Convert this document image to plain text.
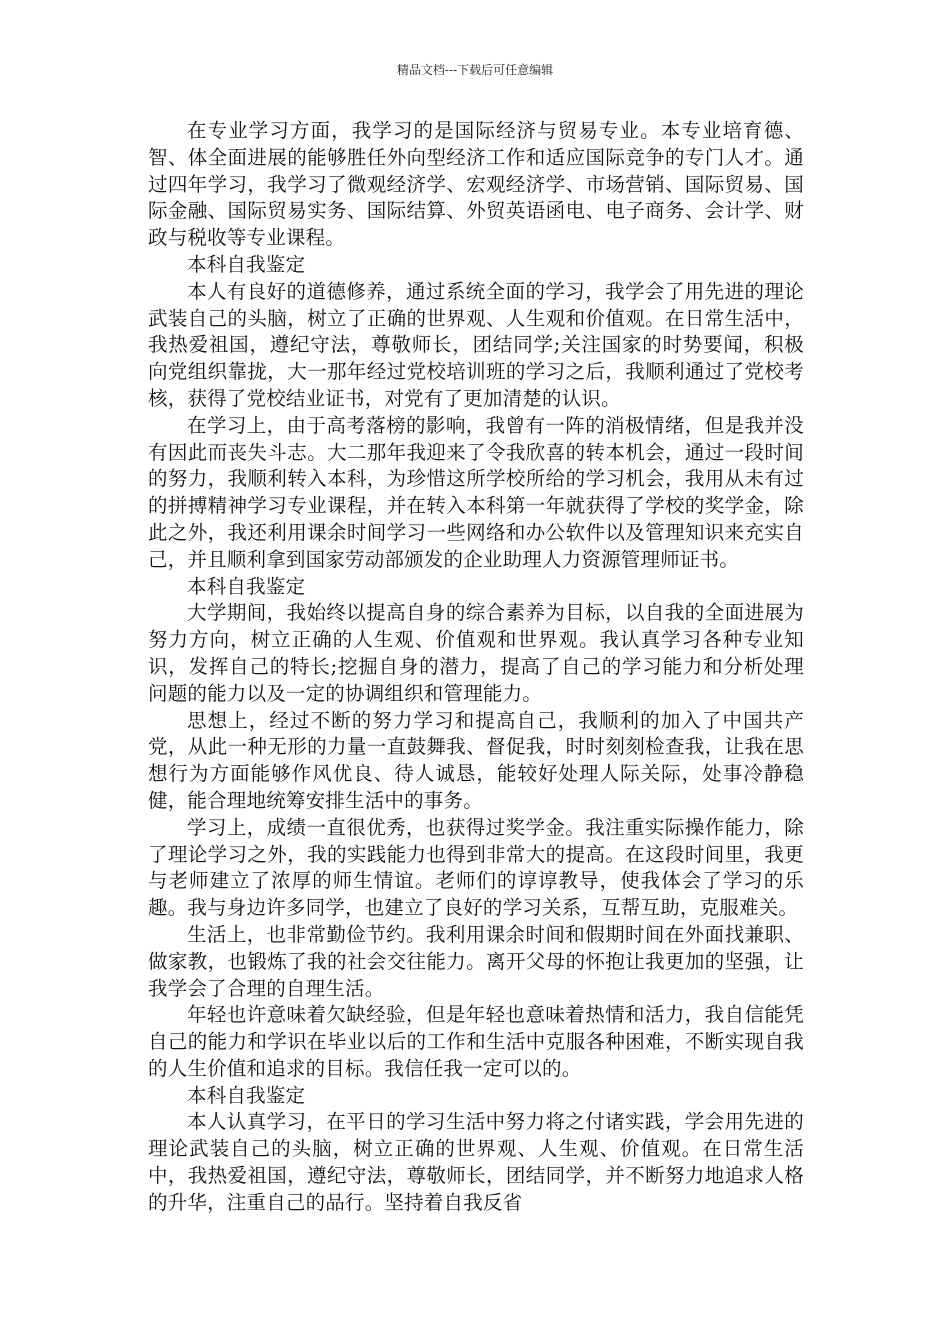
精品文档---下载后可任意编辑

在专业学习方面，我学习的是国际经济与贸易专业。本专业培育德、智、体全面进展的能够胜任外向型经济工作和适应国际竞争的专门人才。通过四年学习，我学习了微观经济学、宏观经济学、市场营销、国际贸易、国际金融、国际贸易实务、国际结算、外贸英语函电、电子商务、会计学、财政与税收等专业课程。

本科自我鉴定

本人有良好的道德修养，通过系统全面的学习，我学会了用先进的理论武装自己的头脑，树立了正确的世界观、人生观和价值观。在日常生活中，我热爱祖国，遵纪守法，尊敬师长，团结同学;关注国家的时势要闻，积极向党组织靠拢，大一那年经过党校培训班的学习之后，我顺利通过了党校考核，获得了党校结业证书，对党有了更加清楚的认识。

在学习上，由于高考落榜的影响，我曾有一阵的消极情绪，但是我并没有因此而丧失斗志。大二那年我迎来了令我欣喜的转本机会，通过一段时间的努力，我顺利转入本科，为珍惜这所学校所给的学习机会，我用从未有过的拼搏精神学习专业课程，并在转入本科第一年就获得了学校的奖学金，除此之外，我还利用课余时间学习一些网络和办公软件以及管理知识来充实自己，并且顺利拿到国家劳动部颁发的企业助理人力资源管理师证书。

本科自我鉴定

大学期间，我始终以提高自身的综合素养为目标，以自我的全面进展为努力方向，树立正确的人生观、价值观和世界观。我认真学习各种专业知识，发挥自己的特长;挖掘自身的潜力，提高了自己的学习能力和分析处理问题的能力以及一定的协调组织和管理能力。

思想上，经过不断的努力学习和提高自己，我顺利的加入了中国共产党，从此一种无形的力量一直鼓舞我、督促我，时时刻刻检查我，让我在思想行为方面能够作风优良、待人诚恳，能较好处理人际关际，处事冷静稳健，能合理地统筹安排生活中的事务。

学习上，成绩一直很优秀，也获得过奖学金。我注重实际操作能力，除了理论学习之外，我的实践能力也得到非常大的提高。在这段时间里，我更与老师建立了浓厚的师生情谊。老师们的谆谆教导，使我体会了学习的乐趣。我与身边许多同学，也建立了良好的学习关系，互帮互助，克服难关。

生活上，也非常勤俭节约。我利用课余时间和假期时间在外面找兼职、做家教，也锻炼了我的社会交往能力。离开父母的怀抱让我更加的坚强，让我学会了合理的自理生活。

年轻也许意味着欠缺经验，但是年轻也意味着热情和活力，我自信能凭自己的能力和学识在毕业以后的工作和生活中克服各种困难，不断实现自我的人生价值和追求的目标。我信任我一定可以的。

本科自我鉴定

本人认真学习，在平日的学习生活中努力将之付诸实践，学会用先进的理论武装自己的头脑，树立正确的世界观、人生观、价值观。在日常生活中，我热爱祖国，遵纪守法，尊敬师长，团结同学，并不断努力地追求人格的升华，注重自己的品行。坚持着自我反省
